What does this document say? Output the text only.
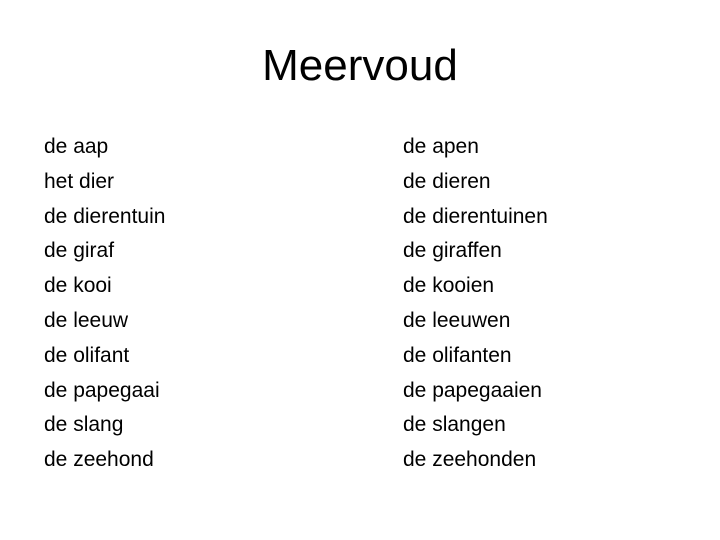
Meervoud
de aap
het dier
de dierentuin
de giraf
de kooi
de leeuw
de olifant
de papegaai
de slang
de zeehond
de apen
de dieren
de dierentuinen
de giraffen
de kooien
de leeuwen
de olifanten
de papegaaien
de slangen
de zeehonden
